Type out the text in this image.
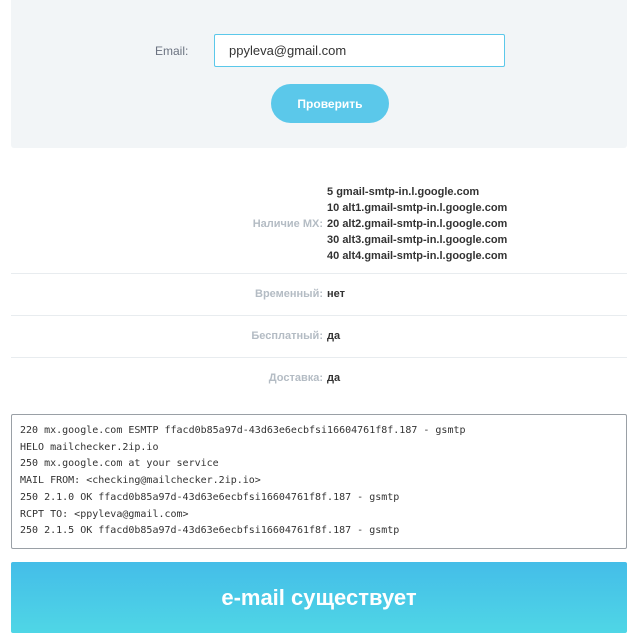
Email:
ppyleva@gmail.com
Проверить
Наличие MX:
5 gmail-smtp-in.l.google.com
10 alt1.gmail-smtp-in.l.google.com
20 alt2.gmail-smtp-in.l.google.com
30 alt3.gmail-smtp-in.l.google.com
40 alt4.gmail-smtp-in.l.google.com
Временный: нет
Бесплатный: да
Доставка: да
220 mx.google.com ESMTP ffacd0b85a97d-43d63e6ecbfsi16604761f8f.187 - gsmtp
HELO mailchecker.2ip.io
250 mx.google.com at your service
MAIL FROM: <checking@mailchecker.2ip.io>
250 2.1.0 OK ffacd0b85a97d-43d63e6ecbfsi16604761f8f.187 - gsmtp
RCPT TO: <ppyleva@gmail.com>
250 2.1.5 OK ffacd0b85a97d-43d63e6ecbfsi16604761f8f.187 - gsmtp
e-mail существует
